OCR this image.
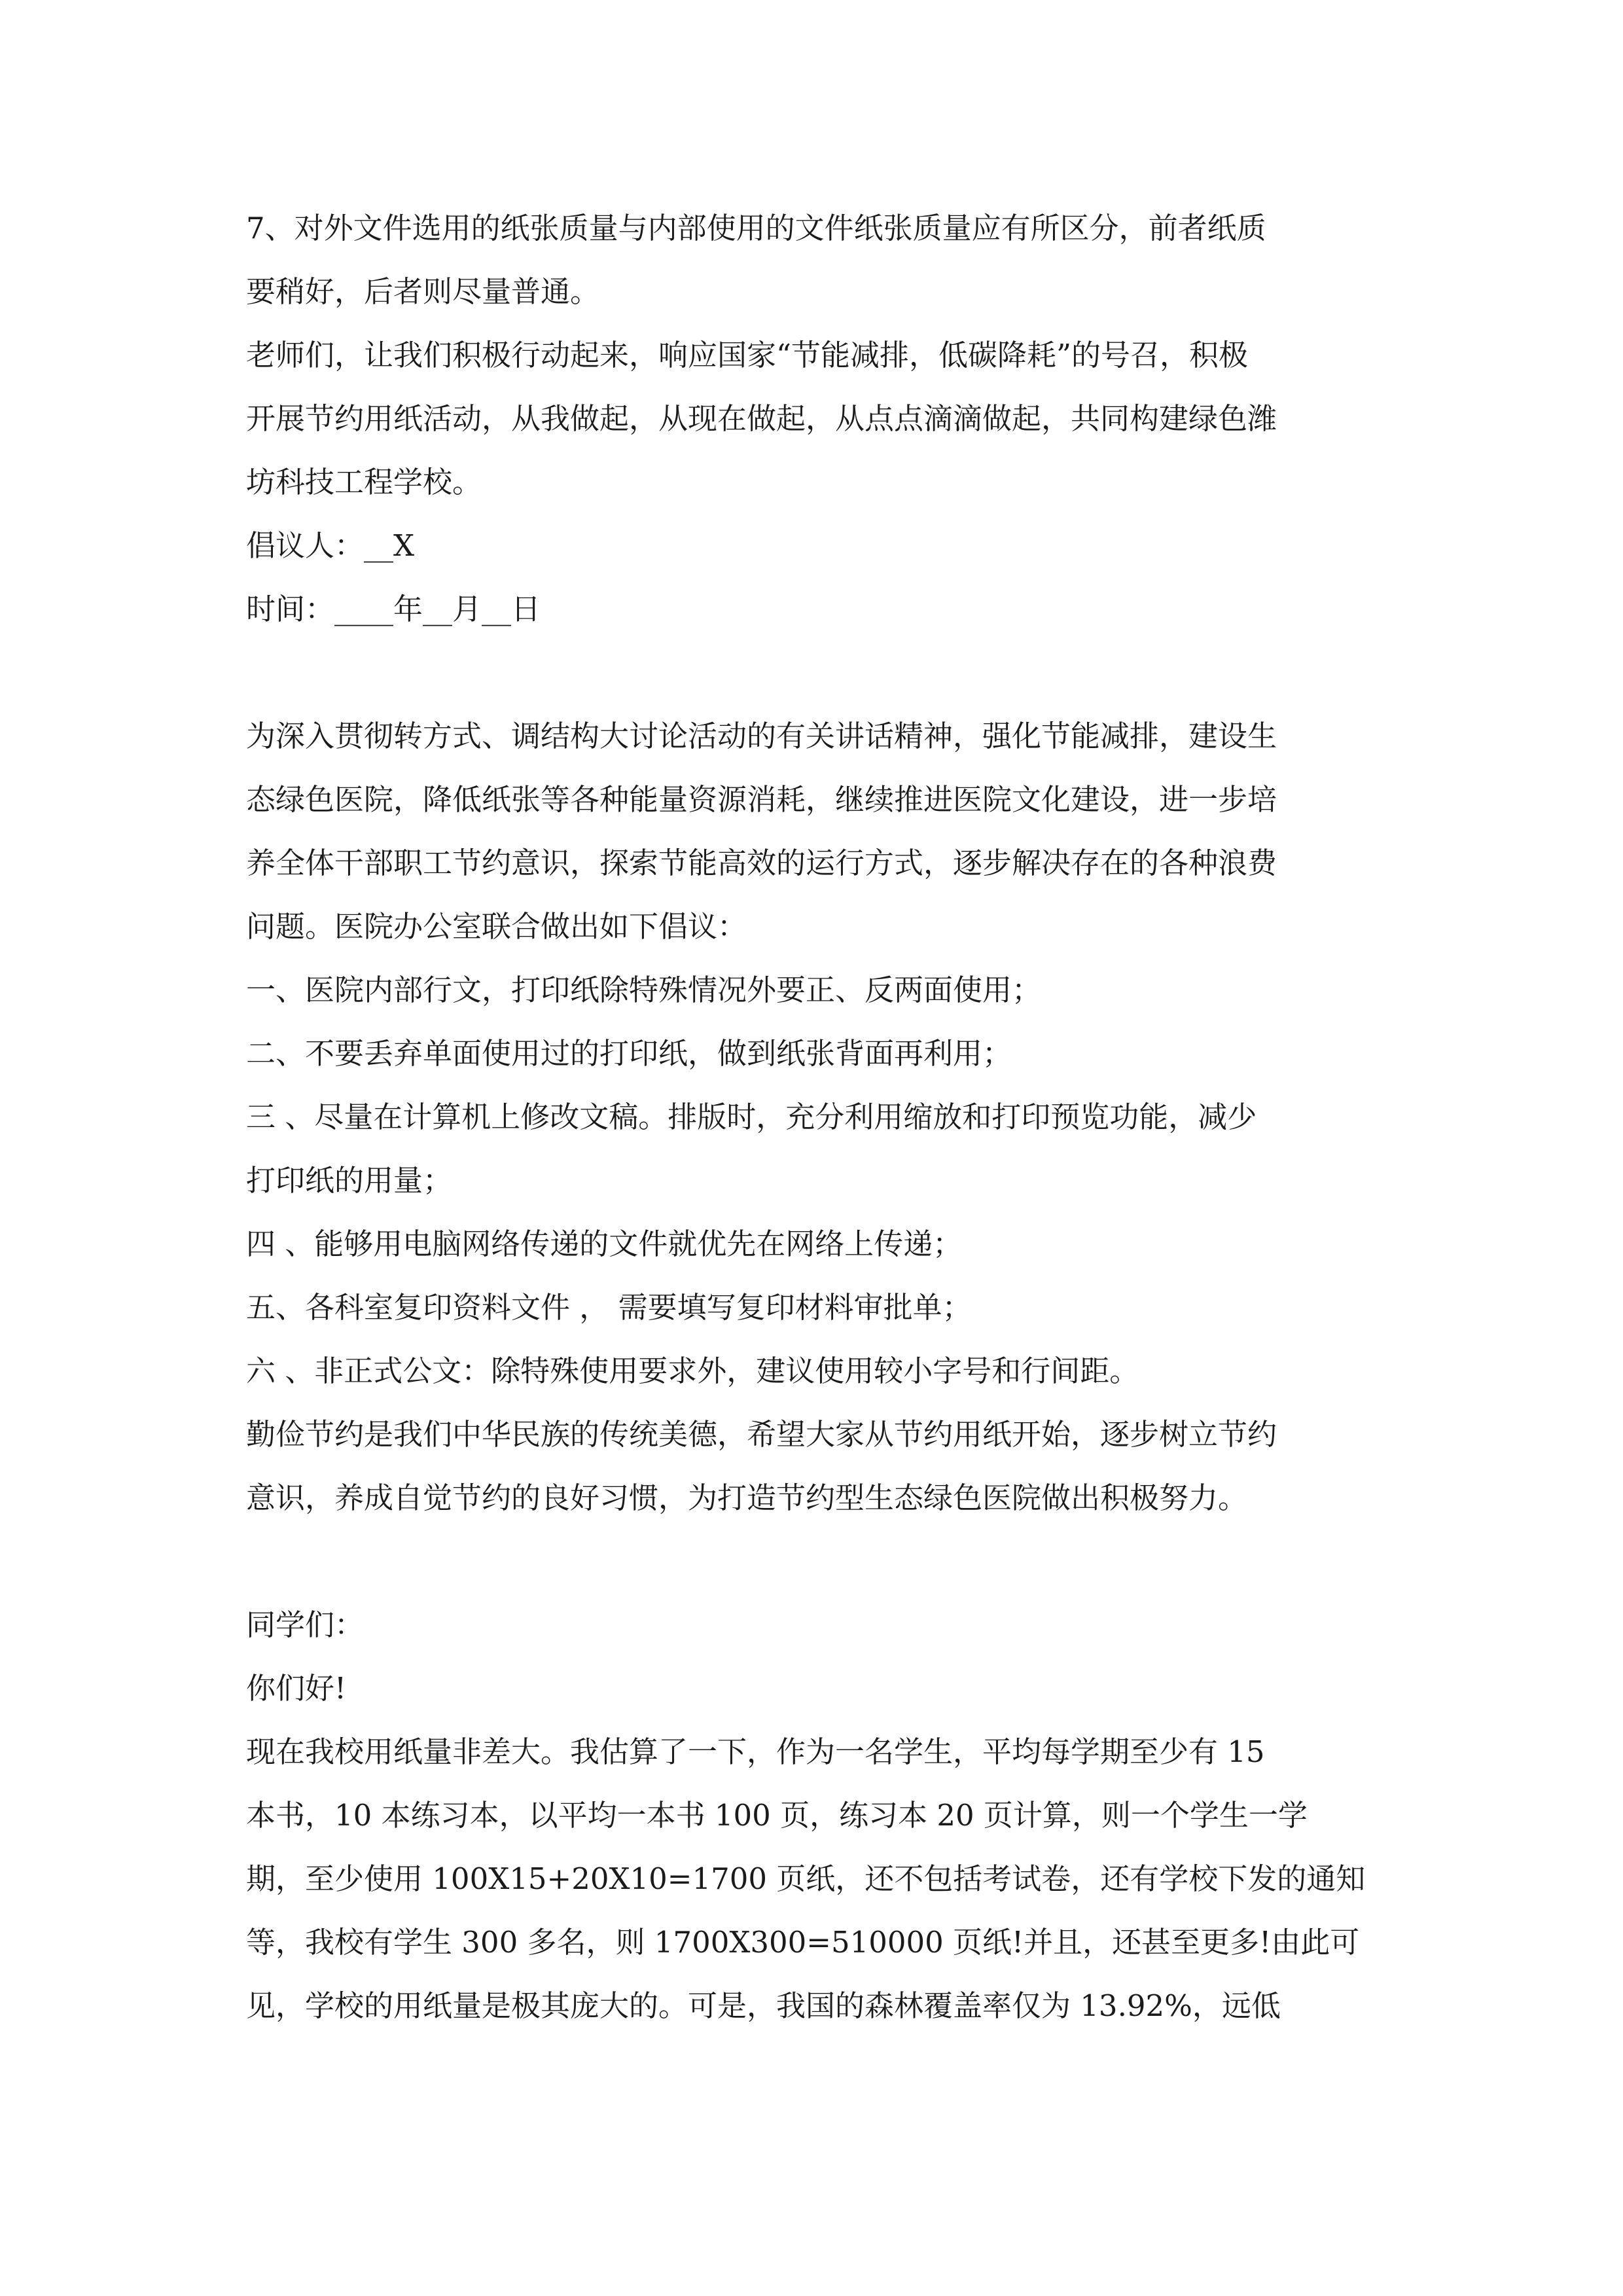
7、对外文件选用的纸张质量与内部使用的文件纸张质量应有所区分，前者纸质
要稍好，后者则尽量普通。
老师们，让我们积极行动起来，响应国家“节能减排，低碳降耗”的号召，积极
开展节约用纸活动，从我做起，从现在做起，从点点滴滴做起，共同构建绿色潍
坊科技工程学校。
倡议人：__X
时间：____年__月__日
为深入贯彻转方式、调结构大讨论活动的有关讲话精神，强化节能减排，建设生
态绿色医院，降低纸张等各种能量资源消耗，继续推进医院文化建设，进一步培
养全体干部职工节约意识，探索节能高效的运行方式，逐步解决存在的各种浪费
问题。医院办公室联合做出如下倡议：
一、医院内部行文，打印纸除特殊情况外要正、反两面使用；
二、不要丢弃单面使用过的打印纸，做到纸张背面再利用；
三 、尽量在计算机上修改文稿。排版时，充分利用缩放和打印预览功能，减少
打印纸的用量；
四 、能够用电脑网络传递的文件就优先在网络上传递；
五、各科室复印资料文件 ， 需要填写复印材料审批单；
六 、非正式公文：除特殊使用要求外，建议使用较小字号和行间距。
勤俭节约是我们中华民族的传统美德，希望大家从节约用纸开始，逐步树立节约
意识，养成自觉节约的良好习惯，为打造节约型生态绿色医院做出积极努力。
同学们：
你们好!
现在我校用纸量非差大。我估算了一下，作为一名学生，平均每学期至少有 15
本书，10 本练习本，以平均一本书 100 页，练习本 20 页计算，则一个学生一学
期，至少使用 100X15+20X10=1700 页纸，还不包括考试卷，还有学校下发的通知
等，我校有学生 300 多名，则 1700X300=510000 页纸!并且，还甚至更多!由此可
见，学校的用纸量是极其庞大的。可是，我国的森林覆盖率仅为 13.92%，远低
